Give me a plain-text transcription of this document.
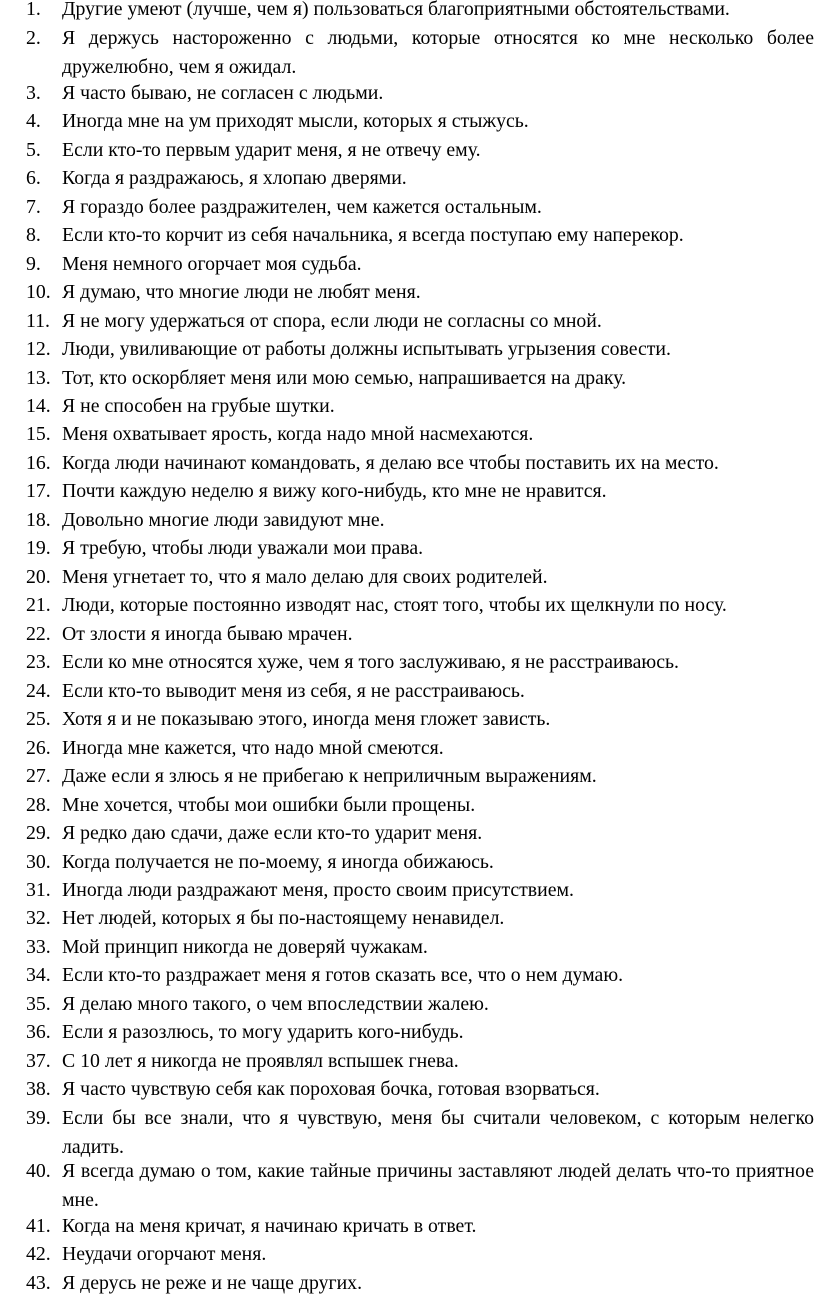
1.	Другие умеют (лучше, чем я) пользоваться благоприятными обстоятельствами.
2.	Я держусь настороженно с людьми, которые относятся ко мне несколько более дружелюбно, чем я ожидал.
3.	Я часто бываю, не согласен с людьми.
4.	Иногда мне на ум приходят мысли, которых я стыжусь.
5.	Если кто-то первым ударит меня, я не отвечу ему.
6.	Когда я раздражаюсь, я хлопаю дверями.
7.	Я гораздо более раздражителен, чем кажется остальным.
8.	Если кто-то корчит из себя начальника, я всегда поступаю ему наперекор.
9.	Меня немного огорчает моя судьба.
10. Я думаю, что многие люди не любят меня.
11. Я не могу удержаться от спора, если люди не согласны со мной.
12. Люди, увиливающие от работы должны испытывать угрызения совести.
13. Тот, кто оскорбляет меня или мою семью, напрашивается на драку.
14. Я не способен на грубые шутки.
15. Меня охватывает ярость, когда надо мной насмехаются.
16. Когда люди начинают командовать, я делаю все чтобы поставить их на место.
17. Почти каждую неделю я вижу кого-нибудь, кто мне не нравится.
18. Довольно многие люди завидуют мне.
19. Я требую, чтобы люди уважали мои права.
20. Меня угнетает то, что я мало делаю для своих родителей.
21. Люди, которые постоянно изводят нас, стоят того, чтобы их щелкнули по носу.
22. От злости я иногда бываю мрачен.
23. Если ко мне относятся хуже, чем я того заслуживаю, я не расстраиваюсь.
24. Если кто-то выводит меня из себя, я не расстраиваюсь.
25. Хотя я и не показываю этого, иногда меня гложет зависть.
26. Иногда мне кажется, что надо мной смеются.
27. Даже если я злюсь я не прибегаю к неприличным выражениям.
28. Мне хочется, чтобы мои ошибки были прощены.
29. Я редко даю сдачи, даже если кто-то ударит меня.
30. Когда получается не по-моему, я иногда обижаюсь.
31. Иногда люди раздражают меня, просто своим присутствием.
32. Нет людей, которых я бы по-настоящему ненавидел.
33. Мой принцип никогда не доверяй чужакам.
34. Если кто-то раздражает меня я готов сказать все, что о нем думаю.
35. Я делаю много такого, о чем впоследствии жалею.
36. Если я разозлюсь, то могу ударить кого-нибудь.
37. С 10 лет я никогда не проявлял вспышек гнева.
38. Я часто чувствую себя как пороховая бочка, готовая взорваться.
39. Если бы все знали, что я чувствую, меня бы считали человеком, с которым нелегко ладить.
40. Я всегда думаю о том, какие тайные причины заставляют людей делать что-то приятное мне.
41. Когда на меня кричат, я начинаю кричать в ответ.
42. Неудачи огорчают меня.
43. Я дерусь не реже и не чаще других.
